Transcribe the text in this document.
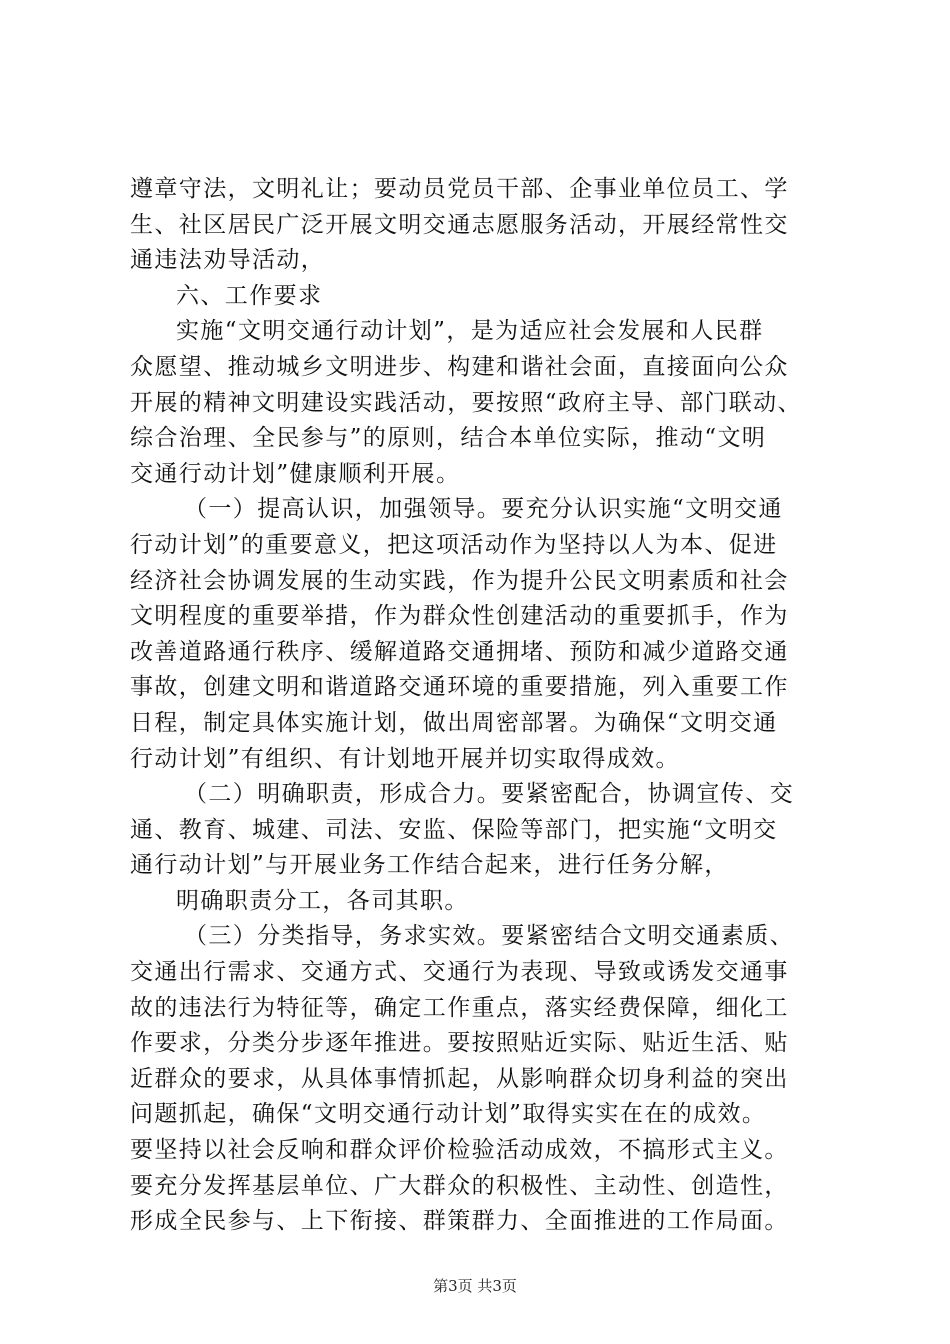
遵章守法，文明礼让；要动员党员干部、企事业单位员工、学
生、社区居民广泛开展文明交通志愿服务活动，开展经常性交
通违法劝导活动，
六、工作要求
实施“文明交通行动计划”，是为适应社会发展和人民群
众愿望、推动城乡文明进步、构建和谐社会面，直接面向公众
开展的精神文明建设实践活动，要按照“政府主导、部门联动、
综合治理、全民参与”的原则，结合本单位实际，推动“文明
交通行动计划”健康顺利开展。
（一）提高认识，加强领导。要充分认识实施“文明交通
行动计划”的重要意义，把这项活动作为坚持以人为本、促进
经济社会协调发展的生动实践，作为提升公民文明素质和社会
文明程度的重要举措，作为群众性创建活动的重要抓手，作为
改善道路通行秩序、缓解道路交通拥堵、预防和减少道路交通
事故，创建文明和谐道路交通环境的重要措施，列入重要工作
日程，制定具体实施计划，做出周密部署。为确保“文明交通
行动计划”有组织、有计划地开展并切实取得成效。
（二）明确职责，形成合力。要紧密配合，协调宣传、交
通、教育、城建、司法、安监、保险等部门，把实施“文明交
通行动计划”与开展业务工作结合起来，进行任务分解，
明确职责分工，各司其职。
（三）分类指导，务求实效。要紧密结合文明交通素质、
交通出行需求、交通方式、交通行为表现、导致或诱发交通事
故的违法行为特征等，确定工作重点，落实经费保障，细化工
作要求，分类分步逐年推进。要按照贴近实际、贴近生活、贴
近群众的要求，从具体事情抓起，从影响群众切身利益的突出
问题抓起，确保“文明交通行动计划”取得实实在在的成效。
要坚持以社会反响和群众评价检验活动成效，不搞形式主义。
要充分发挥基层单位、广大群众的积极性、主动性、创造性，
形成全民参与、上下衔接、群策群力、全面推进的工作局面。
第3页 共3页
